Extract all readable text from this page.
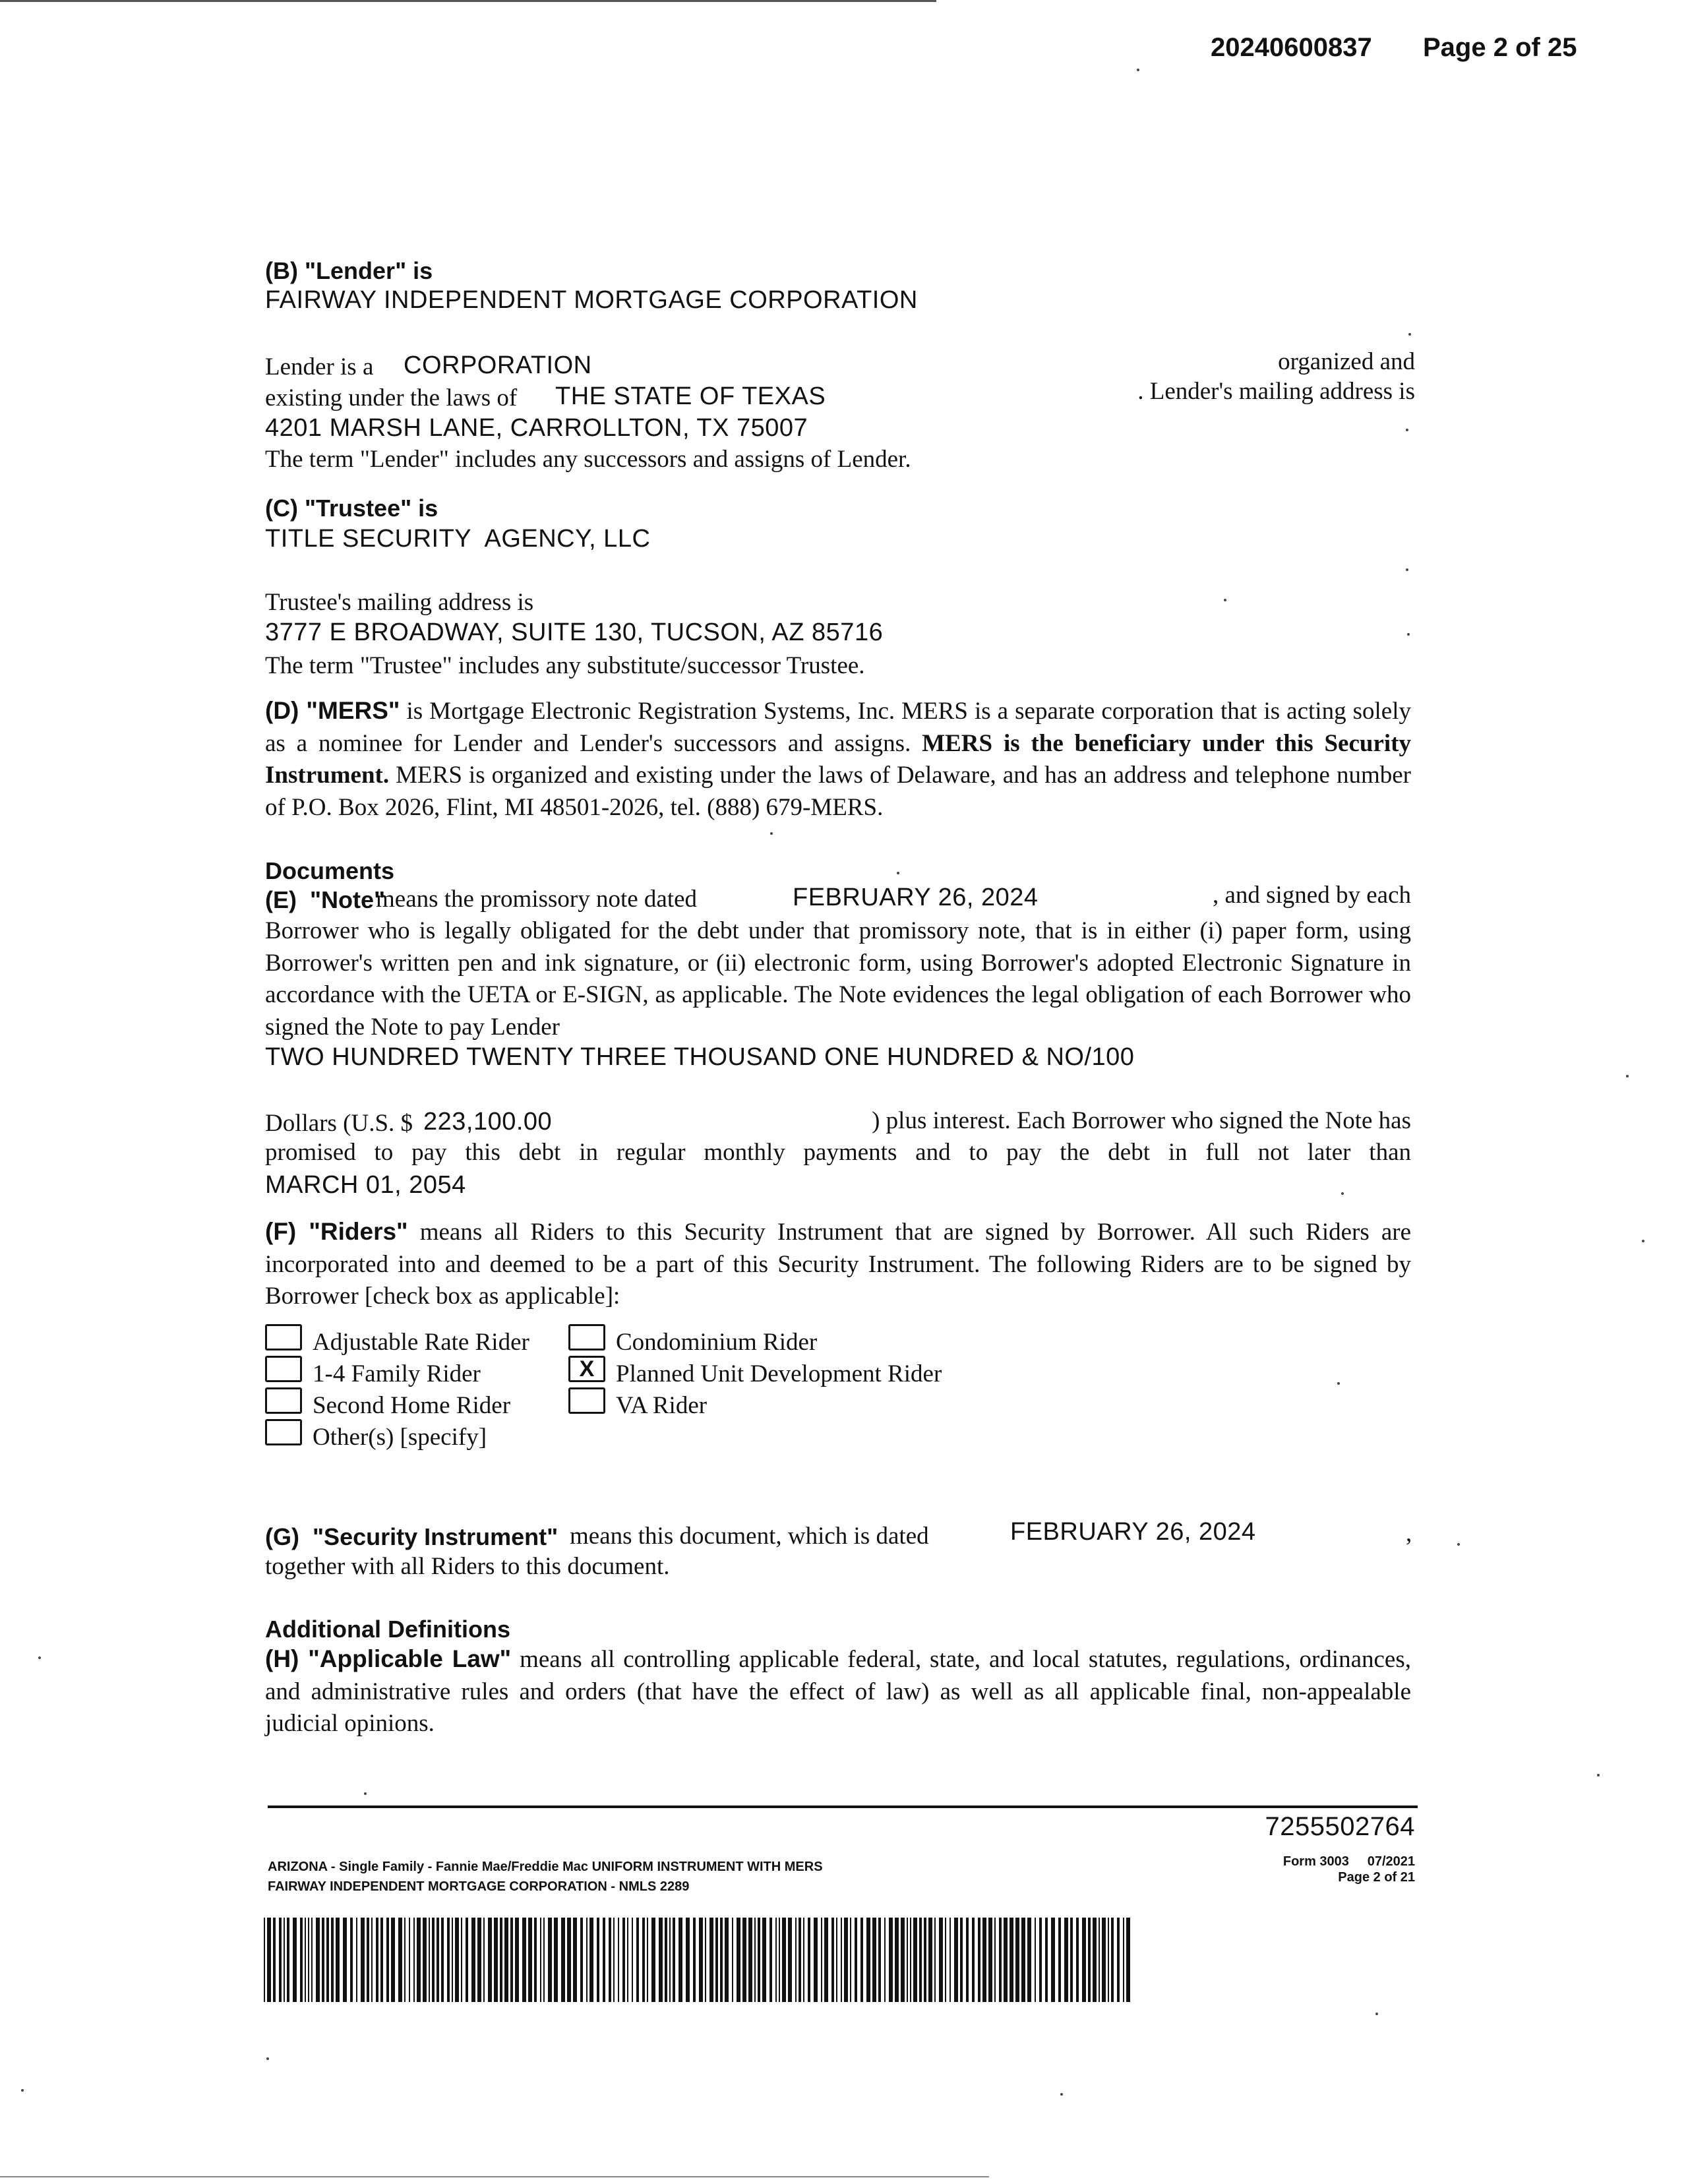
20240600837 Page 2 of 25
(B) "Lender" is
FAIRWAY INDEPENDENT MORTGAGE CORPORATION
Lender is a CORPORATION	organized and
existing under the laws of THE STATE OF TEXAS	. Lender's mailing address is
4201 MARSH LANE, CARROLLTON, TX 75007
The term "Lender" includes any successors and assigns of Lender.
(C) "Trustee" is
TITLE SECURITY  AGENCY, LLC
Trustee's mailing address is
3777 E BROADWAY, SUITE 130, TUCSON, AZ 85716
The term "Trustee" includes any substitute/successor Trustee.
(D) "MERS" is Mortgage Electronic Registration Systems, Inc. MERS is a separate corporation that is acting solely as a nominee for Lender and Lender's successors and assigns. MERS is the beneficiary under this Security Instrument. MERS is organized and existing under the laws of Delaware, and has an address and telephone number of P.O. Box 2026, Flint, MI 48501-2026, tel. (888) 679-MERS.
Documents
(E)  "Note"
means the promissory note dated	FEBRUARY 26, 2024	, and signed by each
Borrower who is legally obligated for the debt under that promissory note, that is in either (i) paper form, using Borrower's written pen and ink signature, or (ii) electronic form, using Borrower's adopted Electronic Signature in accordance with the UETA or E-SIGN, as applicable. The Note evidences the legal obligation of each Borrower who signed the Note to pay Lender
TWO HUNDRED TWENTY THREE THOUSAND ONE HUNDRED & NO/100
Dollars (U.S. $ 223,100.00	) plus interest. Each Borrower who signed the Note has
promised to pay this debt in regular monthly payments and to pay the debt in full not later than
MARCH 01, 2054
(F) "Riders" means all Riders to this Security Instrument that are signed by Borrower. All such Riders are incorporated into and deemed to be a part of this Security Instrument. The following Riders are to be signed by Borrower [check box as applicable]:
Adjustable Rate Rider
1-4 Family Rider
Second Home Rider
Other(s) [specify]
Condominium Rider
X Planned Unit Development Rider
VA Rider
(G)  "Security Instrument" means this document, which is dated	FEBRUARY 26, 2024	,
together with all Riders to this document.
Additional Definitions
(H) "Applicable Law" means all controlling applicable federal, state, and local statutes, regulations, ordinances, and administrative rules and orders (that have the effect of law) as well as all applicable final, non-appealable judicial opinions.
7255502764
ARIZONA - Single Family - Fannie Mae/Freddie Mac UNIFORM INSTRUMENT WITH MERS
FAIRWAY INDEPENDENT MORTGAGE CORPORATION - NMLS 2289
Form 3003     07/2021
Page 2 of 21
